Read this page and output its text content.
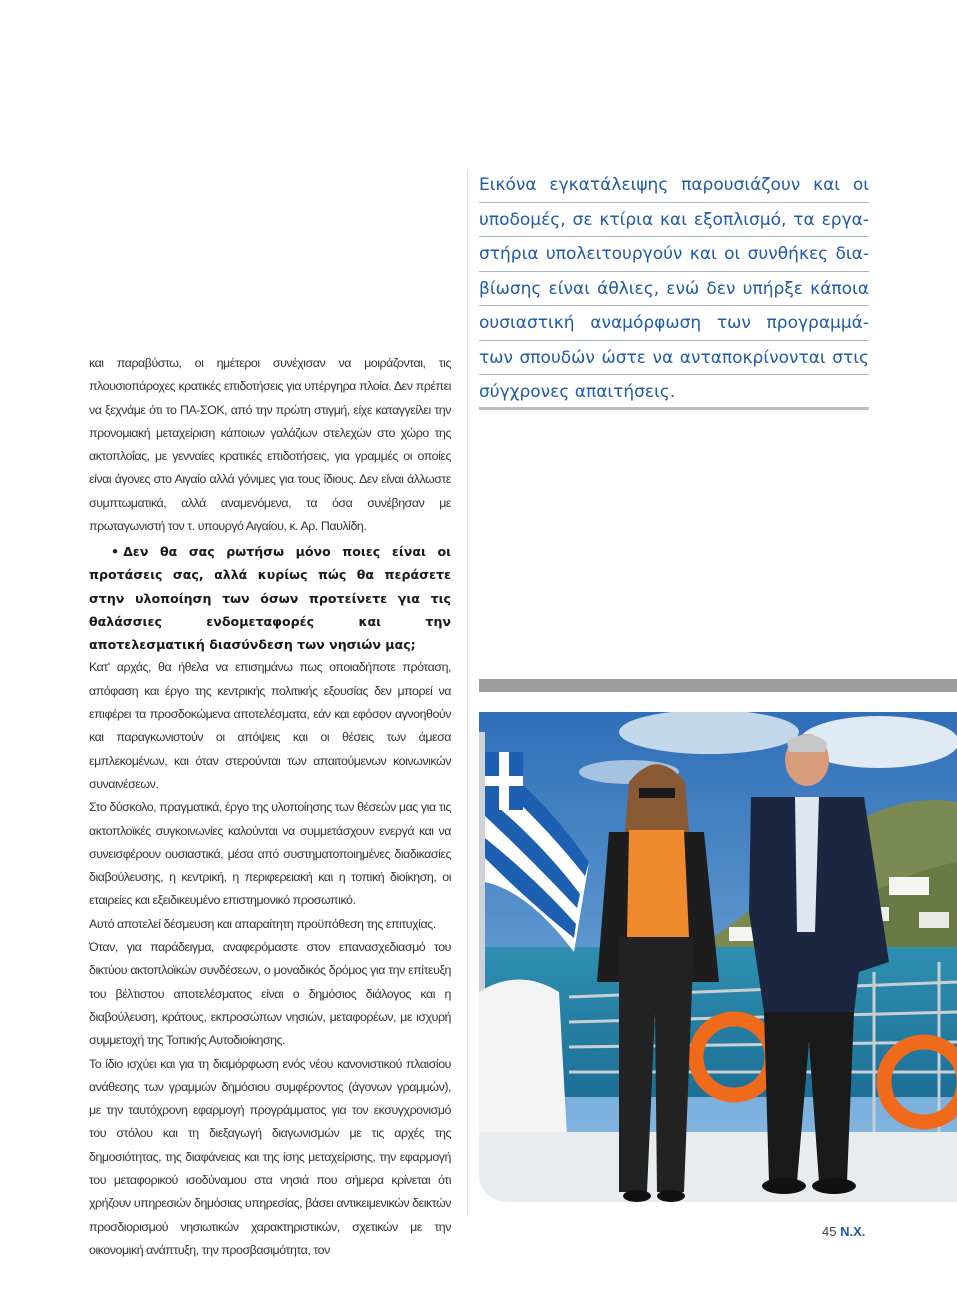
Εικόνα εγκατάλειψης παρουσιάζουν και οι
υποδομές, σε κτίρια και εξοπλισμό, τα εργα-
στήρια υπολειτουργούν και οι συνθήκες δια-
βίωσης είναι άθλιες, ενώ δεν υπήρξε κάποια
ουσιαστική αναμόρφωση των προγραμμά-
των σπουδών ώστε να ανταποκρίνονται στις
σύγχρονες απαιτήσεις.
και παραβύστω, οι ημέτεροι συνέχισαν να μοιράζονται, τις πλουσιοπάροχες κρατικές επιδοτήσεις για υπέργηρα πλοία. Δεν πρέπει να ξεχνάμε ότι το ΠΑ-ΣΟΚ, από την πρώτη στιγμή, είχε καταγγείλει την προνομιακή μεταχείριση κάποιων γαλάζιων στελεχών στο χώρο της ακτοπλοΐας, με γενναίες κρατικές επιδοτήσεις, για γραμμές οι οποίες είναι άγονες στο Αιγαίο αλλά γόνιμες για τους ίδιους. Δεν είναι άλλωστε συμπτωματικά, αλλά αναμενόμενα, τα όσα συνέβησαν με πρωταγωνιστή τον τ. υπουργό Αιγαίου, κ. Αρ. Παυλίδη.

• Δεν θα σας ρωτήσω μόνο ποιες είναι οι προτάσεις σας, αλλά κυρίως πώς θα περάσετε στην υλοποίηση των όσων προτείνετε για τις θαλάσσιες ενδομεταφορές και την αποτελεσματική διασύνδεση των νησιών μας;

Κατ' αρχάς, θα ήθελα να επισημάνω πως οποιαδήποτε πρόταση, απόφαση και έργο της κεντρικής πολιτικής εξουσίας δεν μπορεί να επιφέρει τα προσδοκώμενα αποτελέσματα, εάν και εφόσον αγνοηθούν και παραγκωνιστούν οι απόψεις και οι θέσεις των άμεσα εμπλεκομένων, και όταν στερούνται των απαιτούμενων κοινωνικών συναινέσεων.

Στο δύσκολο, πραγματικά, έργο της υλοποίησης των θέσεών μας για τις ακτοπλοϊκές συγκοινωνίες καλούνται να συμμετάσχουν ενεργά και να συνεισφέρουν ουσιαστικά, μέσα από συστηματοποιημένες διαδικασίες διαβούλευσης, η κεντρική, η περιφερειακή και η τοπική διοίκηση, οι εταιρείες και εξειδικευμένο επιστημονικό προσωπικό.

Αυτό αποτελεί δέσμευση και απαραίτητη προϋπόθεση της επιτυχίας.

Όταν, για παράδειγμα, αναφερόμαστε στον επανασχεδιασμό του δικτύου ακτοπλοϊκών συνδέσεων, ο μοναδικός δρόμος για την επίτευξη του βέλτιστου αποτελέσματος είναι ο δημόσιος διάλογος και η διαβούλευση, κράτους, εκπροσώπων νησιών, μεταφορέων, με ισχυρή συμμετοχή της Τοπικής Αυτοδιοίκησης.

Το ίδιο ισχύει και για τη διαμόρφωση ενός νέου κανονιστικού πλαισίου ανάθεσης των γραμμών δημόσιου συμφέροντος (άγονων γραμμών), με την ταυτόχρονη εφαρμογή προγράμματος για τον εκσυγχρονισμό του στόλου και τη διεξαγωγή διαγωνισμών με τις αρχές της δημοσιότητας, της διαφάνειας και της ίσης μεταχείρισης, την εφαρμογή του μεταφορικού ισοδύναμου στα νησιά που σήμερα κρίνεται ότι χρήζουν υπηρεσιών δημόσιας υπηρεσίας, βάσει αντικειμενικών δεικτών προσδιορισμού νησιωτικών χαρακτηριστικών, σχετικών με την οικονομική ανάπτυξη, την προσβασιμότητα, τον

45 Ν.Χ.
